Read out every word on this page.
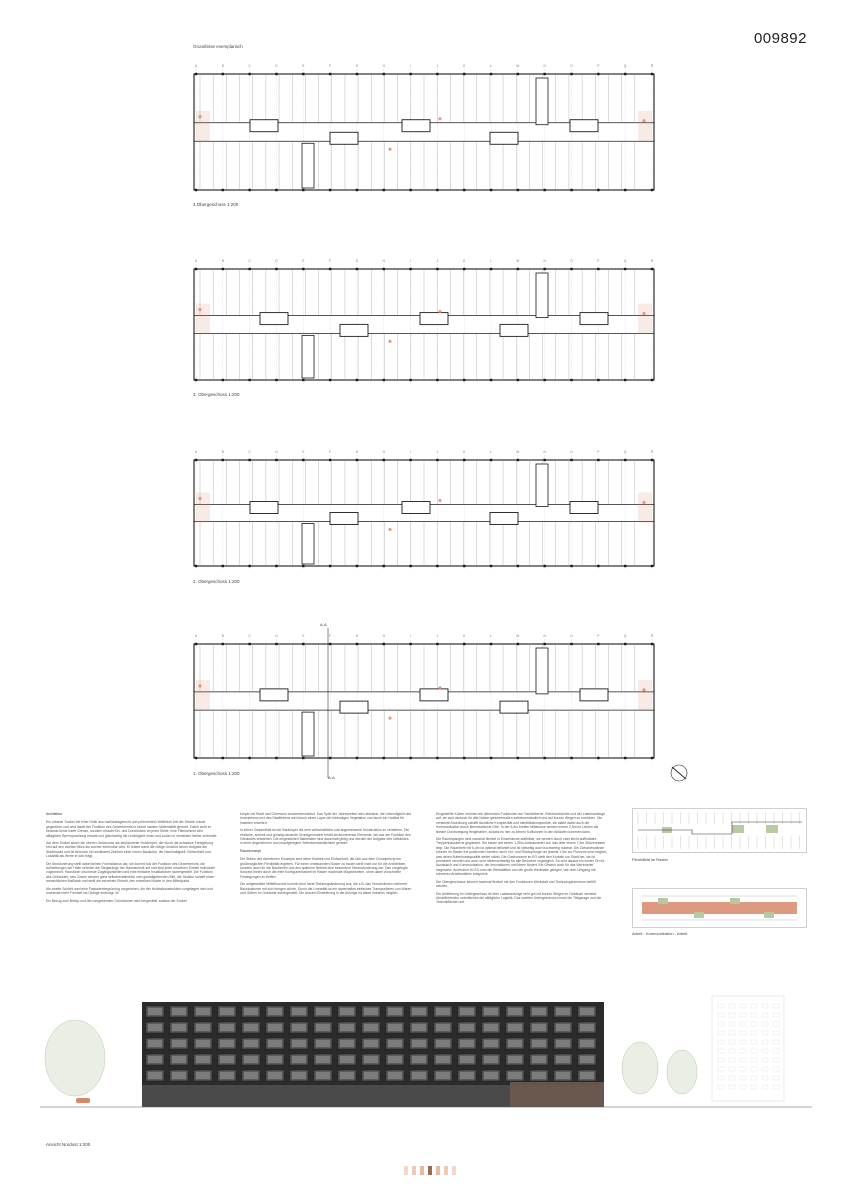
009892
Grundrisse exemplarisch
A	B	C	D	E	F	G	H	I	J	K	L	M	N	O	P	Q	R
4.Obergeschoss 1:200
A	B	C	D	E	F	G	H	I	J	K	L	M	N	O	P	Q	R
3. Obergeschoss 1:200
A	B	C	D	E	F	G	H	I	J	K	L	M	N	O	P	Q	R
2. Obergeschoss 1:200
A	B	C	D	E	F	G	H	I	J	K	L	M	N	O	P	Q	R
1. Obergeschoss 1:200
A-A
A-A

Architektur

Ein urbaner Sockel mit einer Hülle aus maßstabsgerecht und perforiertem Wellblech tritt der Straße robust gegenüber und wird damit der Funktion des Gewerbehofs in seiner starken Materialität gerecht. Dabei zieht er bewusst keine harte Grenze, sondern erlaubt Ein- und Durchblicke an jeder Stelle, eine Filterschicht eine alltägliche Sperrsprachung erlaubt und gleichzeitig mit Leichtigkeit innen und außen in vernetzter Weise verbindet.

Auf dem Sockel sitzen die oberen Geschosse als strukturierter Holzkörper, der durch die schwarze Farbgebung erst auf den zweiten Blick als solcher erkennbar wird. Er leistet somit die nötige Umsicht seiner Aufgabe als Stadtmodul und ist dennoch ein sichtbares Zeichen einer neuen Baukultur, die Nachhaltigkeit, Einfachheit und Lokalität als Werte in sich trägt.

Die Strukturierung stellt dabei keinen Formalismus dar, sie kommt aus der Funktion des Gewerbehofs, die Aufweitungen der Hülle nehmen die Stegstränge der Haustechnik auf und sind jeder einzelnen Einheit individuell zugeordnet. Haustürch sind beste Zugängichkeiten und eine einfache Installationen sichergestellt. Die Funktion des Gebäudes, sein Zweck werden ganz selbstverständlich zum gestaltgebenden Bild, die Struktur schafft einen menschlichen Maßstab und stellt die einzelnen Einheit, den einzelnen Nutzer in den Mittelpunkt.

Als zweite Schicht wird eine Fassadenbegrünung vorgesehen, die der Holzbalkonstruktion vorgelagert wird und nochmals mehr Feinheit ins Gefüge einbringt. W

Ein Bezug zum Biotop und den umgebenden Grünräumen wird hergestellt, sodass der Sockel

körper mit Stadt und Grünraum zusammenwächst. Das Spiel der Jahreszeiten wird ablesbar, die Lebendigkeit des Innenlebens und des Stadtlebens wird durch einen Layer der lebendigen Vegetation und durch ein Habitat für Insekten erweitert.

In seiner Gesamtheit ist der Baukörper als sehr wirtschaftliche und angemessene Konstruktion zu verstehen. Die einfache, schnell und günstig bauende Grundgeometrie erhält strukturierende Elemente, die aus der Funktion des Gebäudes entstehen. Die eingesetzten Materialien sind dauerhaft gültig und werden der Aufgabe des Gebäudes in einer angenehmen und unaufgeregten Selbstverständlichkeit gerecht.

Raumkonzept

Die Stärke des räumlichen Konzepts sind seine Klarheit und Einfachheit, die sich aus dem Grundprinzip der größtmöglichen Flexibilität ergeben. Für einen unbekannten Nutzer zu bauen stellt nicht nur für die Architekten, sondern auch für die Bauherren und den späteren Betrieb eine besondere Herausforderung dar. Das vorgelegte Konzept bietet durch die freie Konfigurierbarkeit im Raster maximale Möglichkeiten, ohne dabei vorschnelle Festlegungen zu treffen.

Die aufgeweitete Mittelflurzone kommt ohne harte Richtungsänderung aus, die z.B. das Verschränken mehrerer Baustrukturen mit sich bringen würde. Durch die Linearität ist ein dauerhaftes einfaches Transportieren von Waren und Gütern im Gebäude sichergestellt. Die Ausund Einlieferung in die Aufzüge ist dabei mühelos möglich.

Eingestellte Kuben nehmen die dienenden Funktionen der Sanitärkerne, Elektroschächte und der Lastenaufzüge auf, sie sind dadurch für alle Nutzer gleichermaßen selbstverständlich und auf kurzen Wegen zu erreichen. Die versetzte Anordnung schafft räumliche Komplexität und Identifikationspunkte, sie stärkt dabei auch die Kommunikation durch kleinräumliche Orte. In der 5,4m breiten Mittelzone werden immer 2,5m im Lichten als lineare Durchwegung freigehalten, sodass es hier zu keinen Kollisionen in den Abläufen kommen kann.

Die Raumspangen sind maximal flexibel in Einzelräume aufteilbar, sie werden durch zwei leicht auffindbare Treppenhauskerne gegliedert. Sie bauen auf einem 1,35m-Ausbauraster auf, das über einem 7,5m Stützenraster liegt. Die Raumtiefe mit 6,4m ist optimal belichtet und ist vielseitig auch hochwertig nutzbar. Die Zwischenwände können im Raster frei positioniert werden, auch Vor- und Rücksprünge um jeweils 1,5m zur Flurzone sind möglich, was deren Aufenthaltsqualität weiter stärkt. Die Gastronomie im EG stellt den Kontakt zur Stadt her, sie ist prominent verortet und auch sehr niederschwellig für alle Besucher zugänglich. So wird daraus ein echter Ort für Austausch und Kommunikation, der Innovationen und Ideen fördert. Ein Gewinn auch für das Werkviertel insgesamt. Außerdem im EG sind die Werkstätten und die große Werkhalle gelegen, wie dem Umgang mit schweren Arbeitsmitteln entspricht.

Die Obergeschosse können maximal flexibel mit den Funktionen Werkstatt und Technologiezentrum befüllt werden.

Die Anlieferung im Untergeschoss ist über Lastenaufzüge sehr gut mit kurzen Wegen im Gebäude vernetzt. Abstellbereiche unterfischen die alltägliche Logistik. Das zweiten Untergeschoss nimmt die Tiefgarage und die Technikflächen auf.

Flexibilität im Raster
Arbeit - Kommunikation - Arbeit
Ansicht Nordost 1:200
